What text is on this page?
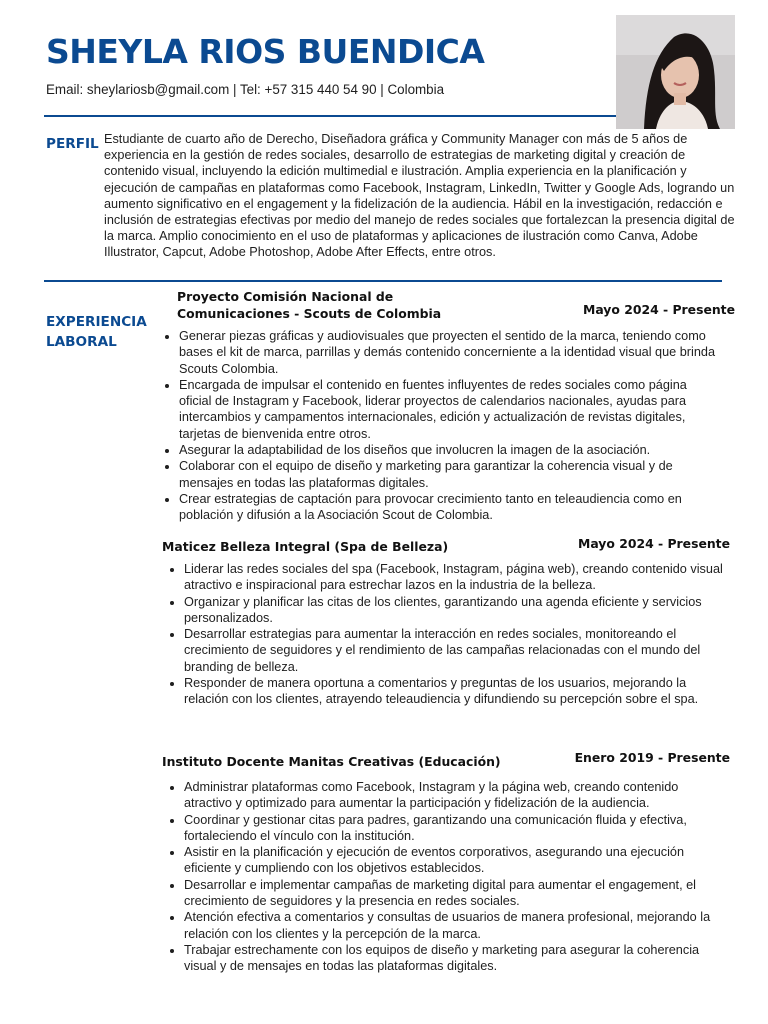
SHEYLA RIOS BUENDICA
Email: sheylariosb@gmail.com | Tel: +57 315 440 54 90 | Colombia
PERFIL Estudiante de cuarto año de Derecho, Diseñadora gráfica y Community Manager con más de 5 años de experiencia en la gestión de redes sociales, desarrollo de estrategias de marketing digital y creación de contenido visual, incluyendo la edición multimedial e ilustración. Amplia experiencia en la planificación y ejecución de campañas en plataformas como Facebook, Instagram, LinkedIn, Twitter y Google Ads, logrando un aumento significativo en el engagement y la fidelización de la audiencia. Hábil en la investigación, redacción e inclusión de estrategias efectivas por medio del manejo de redes sociales que fortalezcan la presencia digital de la marca. Amplio conocimiento en el uso de plataformas y aplicaciones de ilustración como Canva, Adobe Illustrator, Capcut, Adobe Photoshop, Adobe After Effects, entre otros.

EXPERIENCIA LABORAL
Proyecto Comisión Nacional de Comunicaciones - Scouts de Colombia	Mayo 2024 - Presente
• Generar piezas gráficas y audiovisuales que proyecten el sentido de la marca, teniendo como bases el kit de marca, parrillas y demás contenido concerniente a la identidad visual que brinda Scouts Colombia.
• Encargada de impulsar el contenido en fuentes influyentes de redes sociales como página oficial de Instagram y Facebook, liderar proyectos de calendarios nacionales, ayudas para intercambios y campamentos internacionales, edición y actualización de revistas digitales, tarjetas de bienvenida entre otros.
• Asegurar la adaptabilidad de los diseños que involucren la imagen de la asociación.
• Colaborar con el equipo de diseño y marketing para garantizar la coherencia visual y de mensajes en todas las plataformas digitales.
• Crear estrategias de captación para provocar crecimiento tanto en teleaudiencia como en población y difusión a la Asociación Scout de Colombia.
Maticez Belleza Integral (Spa de Belleza)	Mayo 2024 - Presente
• Liderar las redes sociales del spa (Facebook, Instagram, página web), creando contenido visual atractivo e inspiracional para estrechar lazos en la industria de la belleza.
• Organizar y planificar las citas de los clientes, garantizando una agenda eficiente y servicios personalizados.
• Desarrollar estrategias para aumentar la interacción en redes sociales, monitoreando el crecimiento de seguidores y el rendimiento de las campañas relacionadas con el mundo del branding de belleza.
• Responder de manera oportuna a comentarios y preguntas de los usuarios, mejorando la relación con los clientes, atrayendo teleaudiencia y difundiendo su percepción sobre el spa.
Instituto Docente Manitas Creativas (Educación)	Enero 2019 - Presente
• Administrar plataformas como Facebook, Instagram y la página web, creando contenido atractivo y optimizado para aumentar la participación y fidelización de la audiencia.
• Coordinar y gestionar citas para padres, garantizando una comunicación fluida y efectiva, fortaleciendo el vínculo con la institución.
• Asistir en la planificación y ejecución de eventos corporativos, asegurando una ejecución eficiente y cumpliendo con los objetivos establecidos.
• Desarrollar e implementar campañas de marketing digital para aumentar el engagement, el crecimiento de seguidores y la presencia en redes sociales.
• Atención efectiva a comentarios y consultas de usuarios de manera profesional, mejorando la relación con los clientes y la percepción de la marca.
• Trabajar estrechamente con los equipos de diseño y marketing para asegurar la coherencia visual y de mensajes en todas las plataformas digitales.
